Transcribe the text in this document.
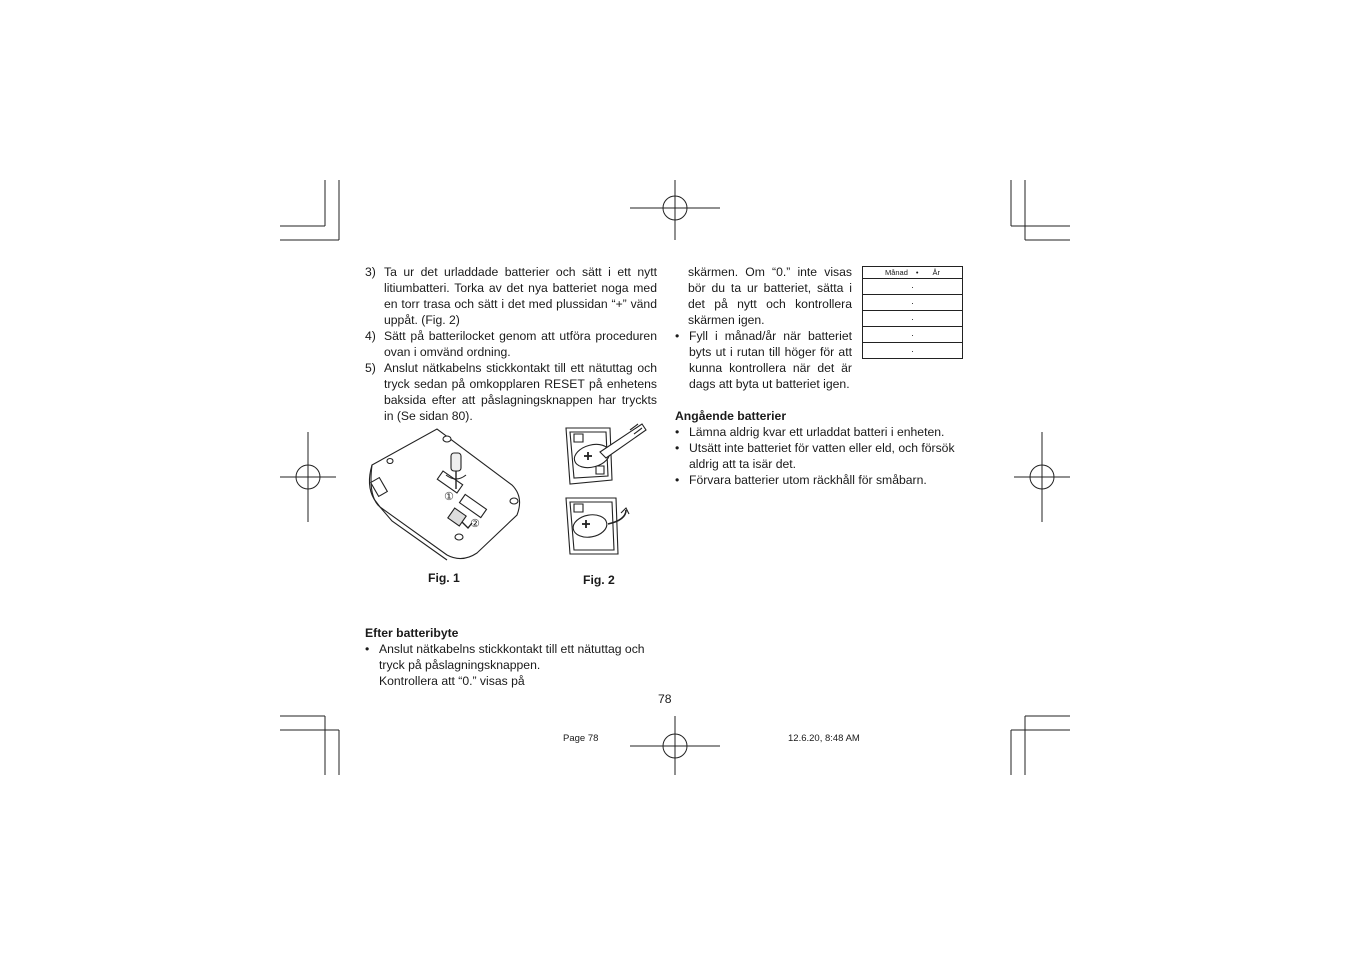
3) Ta ur det urladdade batterier och sätt i ett nytt litiumbatteri. Torka av det nya batteriet noga med en torr trasa och sätt i det med plussidan “+” vänd uppåt. (Fig. 2)
4) Sätt på batterilocket genom att utföra proceduren ovan i omvänd ordning.
5) Anslut nätkabelns stickkontakt till ett nätuttag och tryck sedan på omkopplaren RESET på enhetens baksida efter att påslagningsknappen har tryckts in (Se sidan 80).
①
②
Fig. 1	Fig. 2
Efter batteribyte
• Anslut nätkabelns stickkontakt till ett nätuttag och
tryck på påslagningsknappen.
Kontrollera att “0.” visas på
skärmen. Om “0.” inte visas bör du ta ur batteriet, sätta i det på nytt och kontrollera skärmen igen.
• Fyll i månad/år när batteriet byts ut i rutan till höger för att kunna kontrollera när det är dags att byta ut batteriet igen.
Månad • År
·
·
·
·
·
Angående batterier
• Lämna aldrig kvar ett urladdat batteri i enheten.
• Utsätt inte batteriet för vatten eller eld, och försök aldrig att ta isär det.
• Förvara batterier utom räckhåll för småbarn.
78
Page 78	12.6.20, 8:48 AM
